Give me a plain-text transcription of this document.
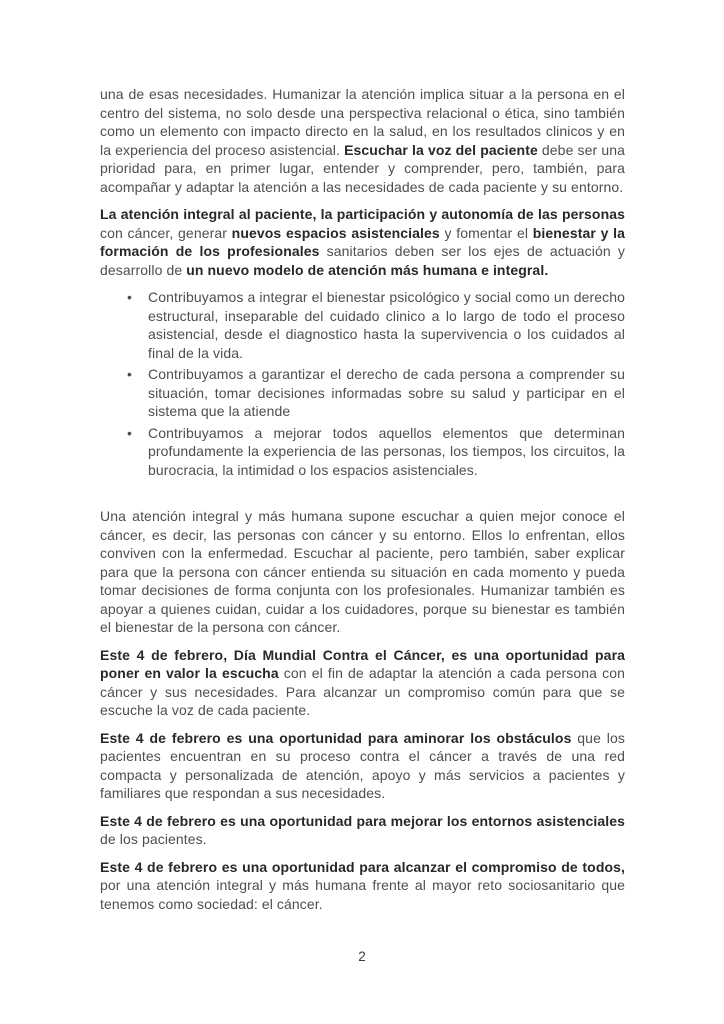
una de esas necesidades. Humanizar la atención implica situar a la persona en el centro del sistema, no solo desde una perspectiva relacional o ética, sino también como un elemento con impacto directo en la salud, en los resultados clinicos y en la experiencia del proceso asistencial. Escuchar la voz del paciente debe ser una prioridad para, en primer lugar, entender y comprender, pero, también, para acompañar y adaptar la atención a las necesidades de cada paciente y su entorno.

La atención integral al paciente, la participación y autonomía de las personas con cáncer, generar nuevos espacios asistenciales y fomentar el bienestar y la formación de los profesionales sanitarios deben ser los ejes de actuación y desarrollo de un nuevo modelo de atención más humana e integral.

• Contribuyamos a integrar el bienestar psicológico y social como un derecho estructural, inseparable del cuidado clinico a lo largo de todo el proceso asistencial, desde el diagnostico hasta la supervivencia o los cuidados al final de la vida.
• Contribuyamos a garantizar el derecho de cada persona a comprender su situación, tomar decisiones informadas sobre su salud y participar en el sistema que la atiende
• Contribuyamos a mejorar todos aquellos elementos que determinan profundamente la experiencia de las personas, los tiempos, los circuitos, la burocracia, la intimidad o los espacios asistenciales.

Una atención integral y más humana supone escuchar a quien mejor conoce el cáncer, es decir, las personas con cáncer y su entorno. Ellos lo enfrentan, ellos conviven con la enfermedad. Escuchar al paciente, pero también, saber explicar para que la persona con cáncer entienda su situación en cada momento y pueda tomar decisiones de forma conjunta con los profesionales. Humanizar también es apoyar a quienes cuidan, cuidar a los cuidadores, porque su bienestar es también el bienestar de la persona con cáncer.

Este 4 de febrero, Día Mundial Contra el Cáncer, es una oportunidad para poner en valor la escucha con el fin de adaptar la atención a cada persona con cáncer y sus necesidades. Para alcanzar un compromiso común para que se escuche la voz de cada paciente.

Este 4 de febrero es una oportunidad para aminorar los obstáculos que los pacientes encuentran en su proceso contra el cáncer a través de una red compacta y personalizada de atención, apoyo y más servicios a pacientes y familiares que respondan a sus necesidades.

Este 4 de febrero es una oportunidad para mejorar los entornos asistenciales de los pacientes.

Este 4 de febrero es una oportunidad para alcanzar el compromiso de todos, por una atención integral y más humana frente al mayor reto sociosanitario que tenemos como sociedad: el cáncer.

2
